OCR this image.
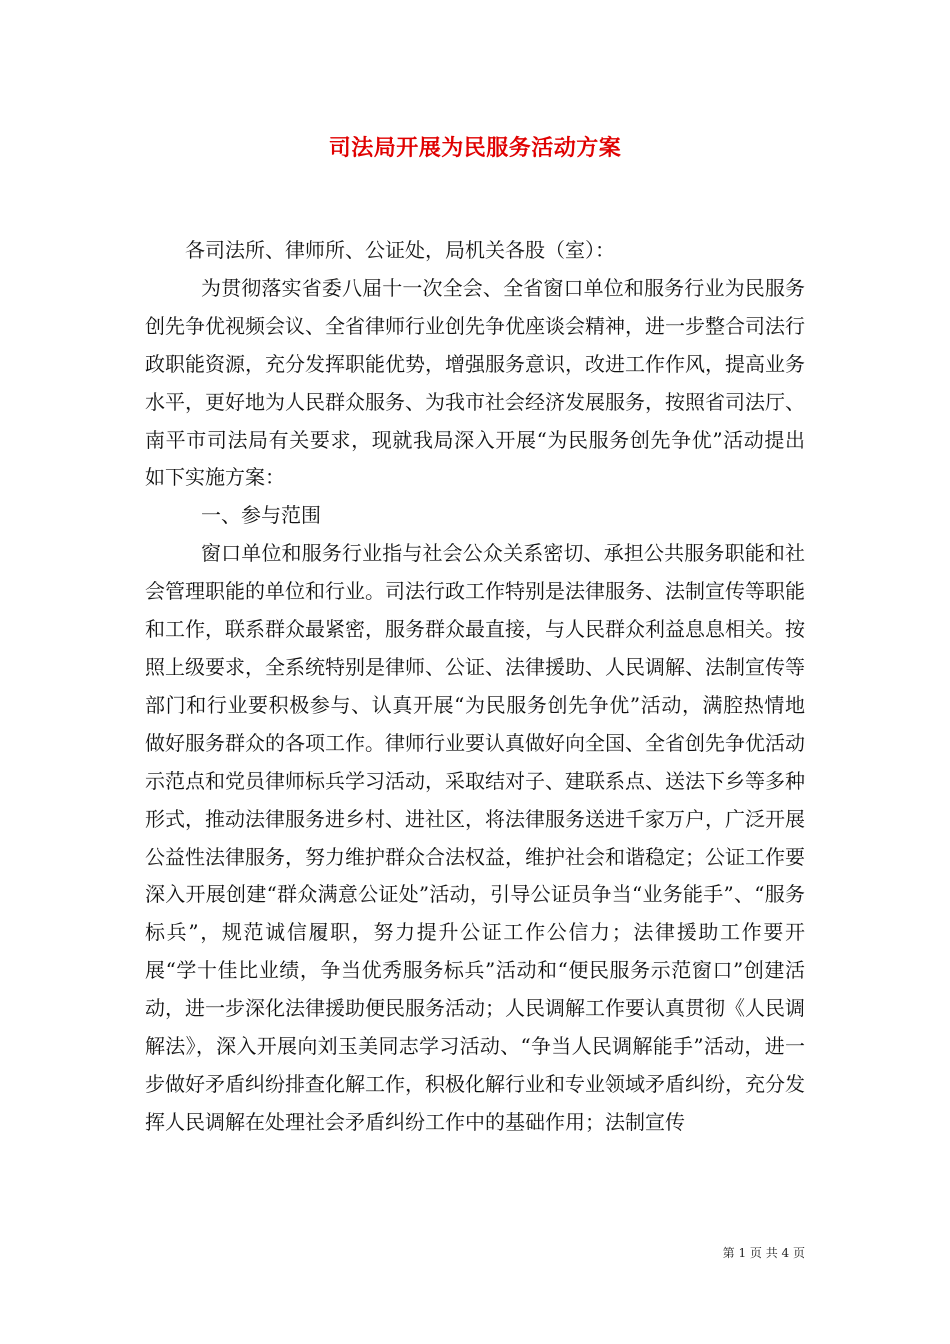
司法局开展为民服务活动方案

各司法所、律师所、公证处，局机关各股（室）：

为贯彻落实省委八届十一次全会、全省窗口单位和服务行业为民服务创先争优视频会议、全省律师行业创先争优座谈会精神，进一步整合司法行政职能资源，充分发挥职能优势，增强服务意识，改进工作作风，提高业务水平，更好地为人民群众服务、为我市社会经济发展服务，按照省司法厅、南平市司法局有关要求，现就我局深入开展“为民服务创先争优”活动提出如下实施方案：

一、参与范围

窗口单位和服务行业指与社会公众关系密切、承担公共服务职能和社会管理职能的单位和行业。司法行政工作特别是法律服务、法制宣传等职能和工作，联系群众最紧密，服务群众最直接，与人民群众利益息息相关。按照上级要求，全系统特别是律师、公证、法律援助、人民调解、法制宣传等部门和行业要积极参与、认真开展“为民服务创先争优”活动，满腔热情地做好服务群众的各项工作。律师行业要认真做好向全国、全省创先争优活动示范点和党员律师标兵学习活动，采取结对子、建联系点、送法下乡等多种形式，推动法律服务进乡村、进社区，将法律服务送进千家万户，广泛开展公益性法律服务，努力维护群众合法权益，维护社会和谐稳定；公证工作要深入开展创建“群众满意公证处”活动，引导公证员争当“业务能手”、“服务标兵”，规范诚信履职，努力提升公证工作公信力；法律援助工作要开展“学十佳比业绩，争当优秀服务标兵”活动和“便民服务示范窗口”创建活动，进一步深化法律援助便民服务活动；人民调解工作要认真贯彻《人民调解法》，深入开展向刘玉美同志学习活动、“争当人民调解能手”活动，进一步做好矛盾纠纷排查化解工作，积极化解行业和专业领域矛盾纠纷，充分发挥人民调解在处理社会矛盾纠纷工作中的基础作用；法制宣传

第 1 页 共 4 页
